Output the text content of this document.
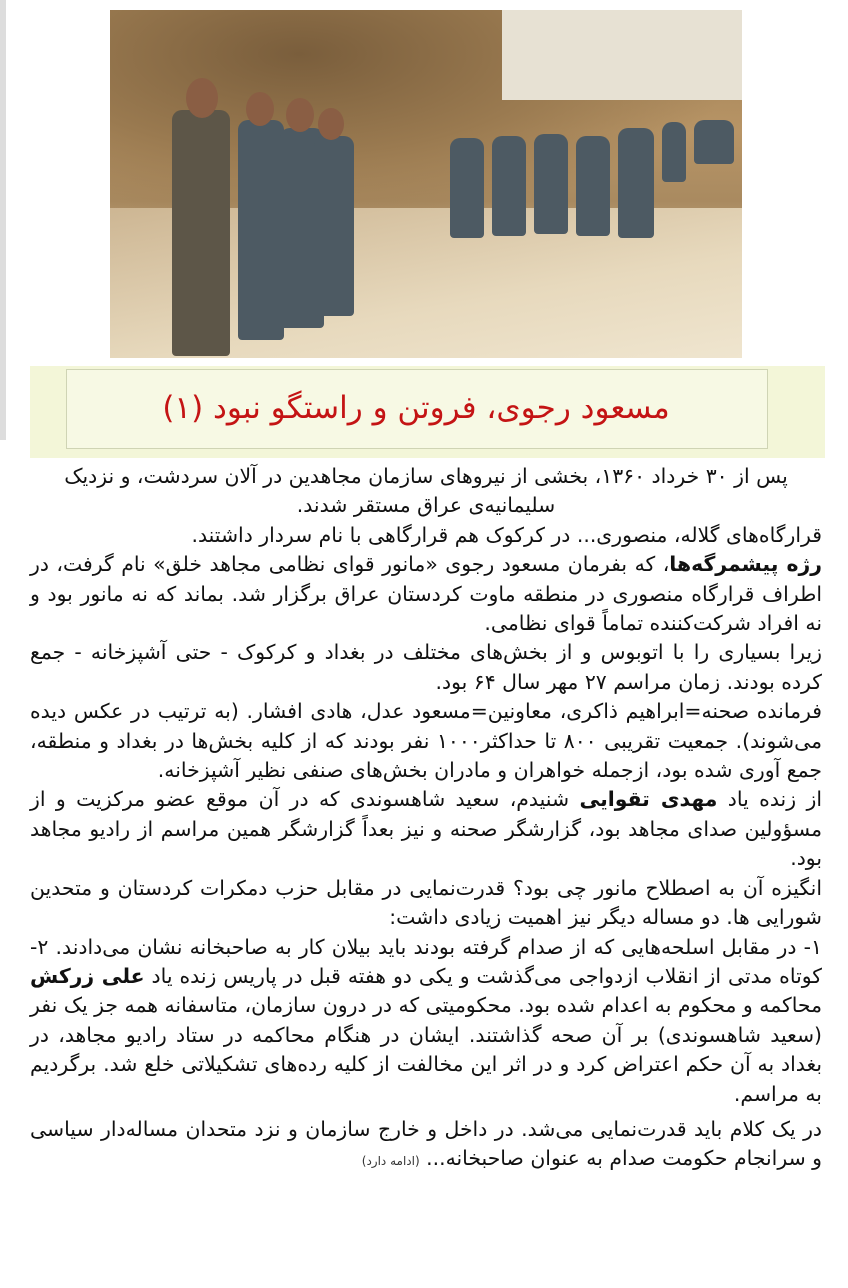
مسعود رجوی، فروتن و راستگو نبود (۱)

پس از ۳۰ خرداد ۱۳۶۰، بخشی از نیروهای سازمان مجاهدین در آلان سردشت، و نزدیک سلیمانیه‌ی عراق مستقر شدند.

قرارگاه‌های گلاله، منصوری... در کرکوک هم قرارگاهی با نام سردار داشتند.

رژه پیشمرگه‌ها، که بفرمان مسعود رجوی «مانور قوای نظامی مجاهد خلق» نام گرفت، در اطراف قرارگاه منصوری در منطقه ماوت کردستان عراق برگزار شد. بماند که نه مانور بود و نه افراد شرکت‌کننده تماماً قوای نظامی.

زیرا بسیاری را با اتوبوس و از بخش‌های مختلف در بغداد و کرکوک - حتی آشپزخانه - جمع کرده بودند. زمان مراسم ۲۷ مهر سال ۶۴ بود.

فرمانده صحنه=ابراهیم ذاکری، معاونین=مسعود عدل، هادی افشار. (به ترتیب در عکس دیده می‌شوند). جمعیت تقریبی ۸۰۰ تا حداکثر۱۰۰۰ نفر بودند که از کلیه بخش‌ها در بغداد و منطقه، جمع آوری شده بود، ازجمله خواهران و مادران بخش‌های صنفی نظیر آشپزخانه.

از زنده یاد مهدی تقوایی شنیدم، سعید شاهسوندی که در آن موقع عضو مرکزیت و از مسؤولین صدای مجاهد بود، گزارشگر صحنه و نیز بعداً گزارشگر همین مراسم از رادیو مجاهد بود.

انگیزه آن به اصطلاح مانور چی بود؟ قدرت‌نمایی در مقابل حزب دمکرات کردستان و متحدین شورایی ها. دو مساله دیگر نیز اهمیت زیادی داشت:

۱- در مقابل اسلحه‌هایی که از صدام گرفته بودند باید بیلان کار به صاحبخانه نشان می‌دادند. ۲- کوتاه مدتی از انقلاب ازدواجی می‌گذشت و یکی دو هفته قبل در پاریس زنده یاد علی زرکش محاکمه و محکوم به اعدام شده بود. محکومیتی که در درون سازمان، متاسفانه همه جز یک نفر (سعید شاهسوندی) بر آن صحه گذاشتند. ایشان در هنگام محاکمه در ستاد رادیو مجاهد، در بغداد به آن حکم اعتراض کرد و در اثر این مخالفت از کلیه رده‌های تشکیلاتی خلع شد. برگردیم به مراسم.

در یک کلام باید قدرت‌نمایی می‌شد. در داخل و خارج سازمان و نزد متحدان مساله‌دار سیاسی و سرانجام حکومت صدام به عنوان صاحبخانه... (ادامه دارد)
